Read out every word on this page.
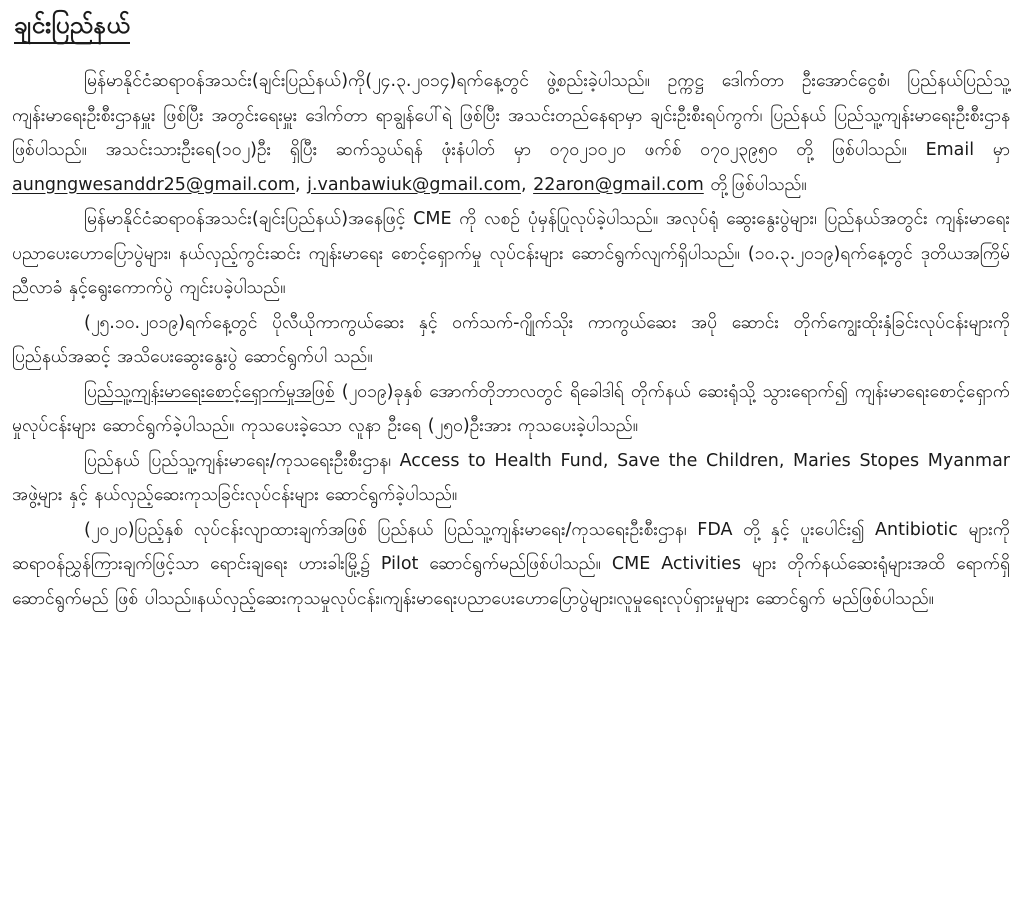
ချင်းပြည်နယ်

မြန်မာနိုင်ငံဆရာဝန်အသင်း(ချင်းပြည်နယ်)ကို(၂၄.၃.၂၀၁၄)ရက်နေ့တွင် ဖွဲ့စည်းခဲ့ပါသည်။ ဥက္ကဋ္ဌ ဒေါက်တာ ဦးအောင်ငွေစံ၊ ပြည်နယ်ပြည်သူ့ကျန်းမာရေးဦးစီးဌာနမှူး ဖြစ်ပြီး အတွင်းရေးမှူး ဒေါက်တာ ရာချွန်ပေါ်ရဲ ဖြစ်ပြီး အသင်းတည်နေရာမှာ ချင်းဦးစီးရပ်ကွက်၊ ပြည်နယ် ပြည်သူ့ကျန်းမာရေးဦးစီးဌာန ဖြစ်ပါသည်။ အသင်းသားဦးရေ(၁၀၂)ဦး ရှိပြီး ဆက်သွယ်ရန် ဖုံးနံပါတ် မှာ ၀၇၀၂၁၀၂၀ ဖက်စ် ၀၇၀၂၃၉၅၀ တို့ ဖြစ်ပါသည်။ Email မှာ aungngwesanddr25@gmail.com, j.vanbawiuk@gmail.com, 22aron@gmail.com တို့ဖြစ်ပါသည်။

မြန်မာနိုင်ငံဆရာဝန်အသင်း(ချင်းပြည်နယ်)အနေဖြင့် CME ကို လစဉ် ပုံမှန်ပြုလုပ်ခဲ့ပါသည်။ အလုပ်ရုံ ဆွေးနွေးပွဲများ၊ ပြည်နယ်အတွင်း ကျန်းမာရေးပညာပေးဟောပြောပွဲများ၊ နယ်လှည့်ကွင်းဆင်း ကျန်းမာရေး စောင့်ရှောက်မှု လုပ်ငန်းများ ဆောင်ရွက်လျက်ရှိပါသည်။ (၁၀.၃.၂၀၁၉)ရက်နေ့တွင် ဒုတိယအကြိမ်ညီလာခံ နှင့်ရွေးကောက်ပွဲ ကျင်းပခဲ့ပါသည်။

(၂၅.၁၀.၂၀၁၉)ရက်နေ့တွင် ပိုလီယိုကာကွယ်ဆေး နှင့် ဝက်သက်-ဂျိုက်သိုး ကာကွယ်ဆေး အပို ဆောင်း တိုက်ကျွေးထိုးနှံခြင်းလုပ်ငန်းများကို ပြည်နယ်အဆင့် အသိပေးဆွေးနွေးပွဲ ဆောင်ရွက်ပါ သည်။

ပြည်သူ့ကျန်းမာရေးစောင့်ရှောက်မှုအဖြစ် (၂၀၁၉)ခုနှစ် အောက်တိုဘာလတွင် ရိခေါဒါရ် တိုက်နယ် ဆေးရုံသို့ သွားရောက်၍ ကျန်းမာရေးစောင့်ရှောက်မှုလုပ်ငန်းများ ဆောင်ရွက်ခဲ့ပါသည်။ ကုသပေးခဲ့သော လူနာ ဦးရေ (၂၅၀)ဦးအား ကုသပေးခဲ့ပါသည်။

ပြည်နယ် ပြည်သူ့ကျန်းမာရေး/ကုသရေးဦးစီးဌာန၊ Access to Health Fund, Save the Children, Maries Stopes Myanmar အဖွဲ့များ နှင့် နယ်လှည့်ဆေးကုသခြင်းလုပ်ငန်းများ ဆောင်ရွက်ခဲ့ပါသည်။

(၂၀၂၀)ပြည့်နှစ် လုပ်ငန်းလျာထားချက်အဖြစ် ပြည်နယ် ပြည်သူ့ကျန်းမာရေး/ကုသရေးဦးစီးဌာန၊ FDA တို့ နှင့် ပူးပေါင်း၍ Antibiotic များကို ဆရာဝန်ညွှန်ကြားချက်ဖြင့်သာ ရောင်းချရေး ဟားခါးမြို့၌ Pilot ဆောင်ရွက်မည်ဖြစ်ပါသည်။ CME Activities များ တိုက်နယ်ဆေးရုံများအထိ ရောက်ရှိဆောင်ရွက်မည် ဖြစ် ပါသည်။နယ်လှည့်ဆေးကုသမှုလုပ်ငန်း၊ကျန်းမာရေးပညာပေးဟောပြောပွဲများ၊လူမှုရေးလုပ်ရှားမှုများ ဆောင်ရွက် မည်ဖြစ်ပါသည်။
